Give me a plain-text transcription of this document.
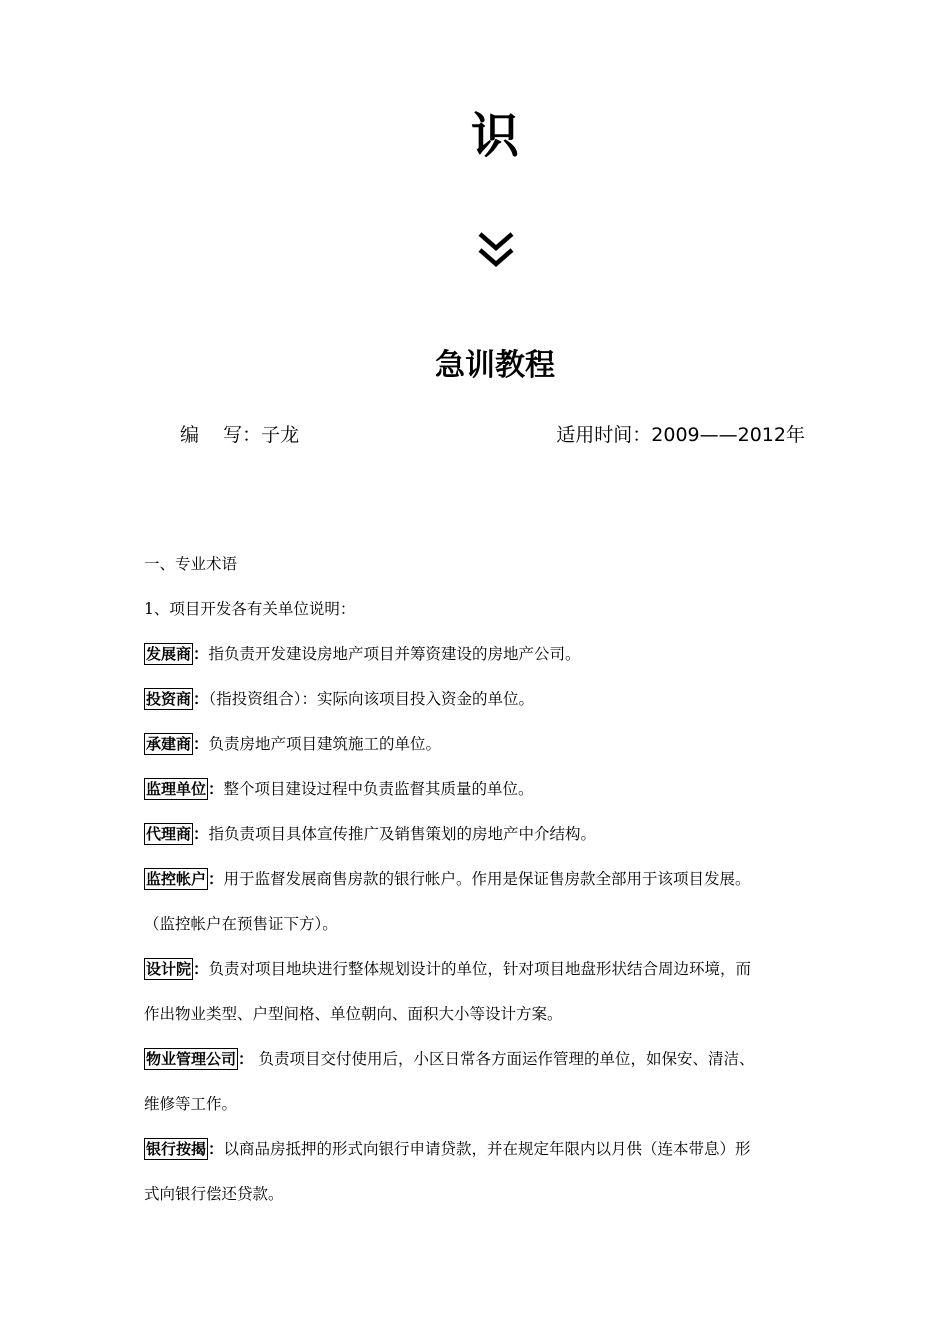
识
急训教程
编    写：子龙	适用时间：2009——2012年
一、专业术语
1、项目开发各有关单位说明：
发展商 ：指负责开发建设房地产项目并筹资建设的房地产公司。
投资商 ：（指投资组合）：实际向该项目投入资金的单位。
承建商 ：负责房地产项目建筑施工的单位。
监理单位 ：整个项目建设过程中负责监督其质量的单位。
代理商 ：指负责项目具体宣传推广及销售策划的房地产中介结构。
监控帐户 ：用于监督发展商售房款的银行帐户。作用是保证售房款全部用于该项目发展。
（监控帐户在预售证下方）。
设计院 ：负责对项目地块进行整体规划设计的单位，针对项目地盘形状结合周边环境，而
作出物业类型、户型间格、单位朝向、面积大小等设计方案。
物业管理公司 ： 负责项目交付使用后，小区日常各方面运作管理的单位，如保安、清洁、
维修等工作。
银行按揭 ：以商品房抵押的形式向银行申请贷款，并在规定年限内以月供（连本带息）形
式向银行偿还贷款。
